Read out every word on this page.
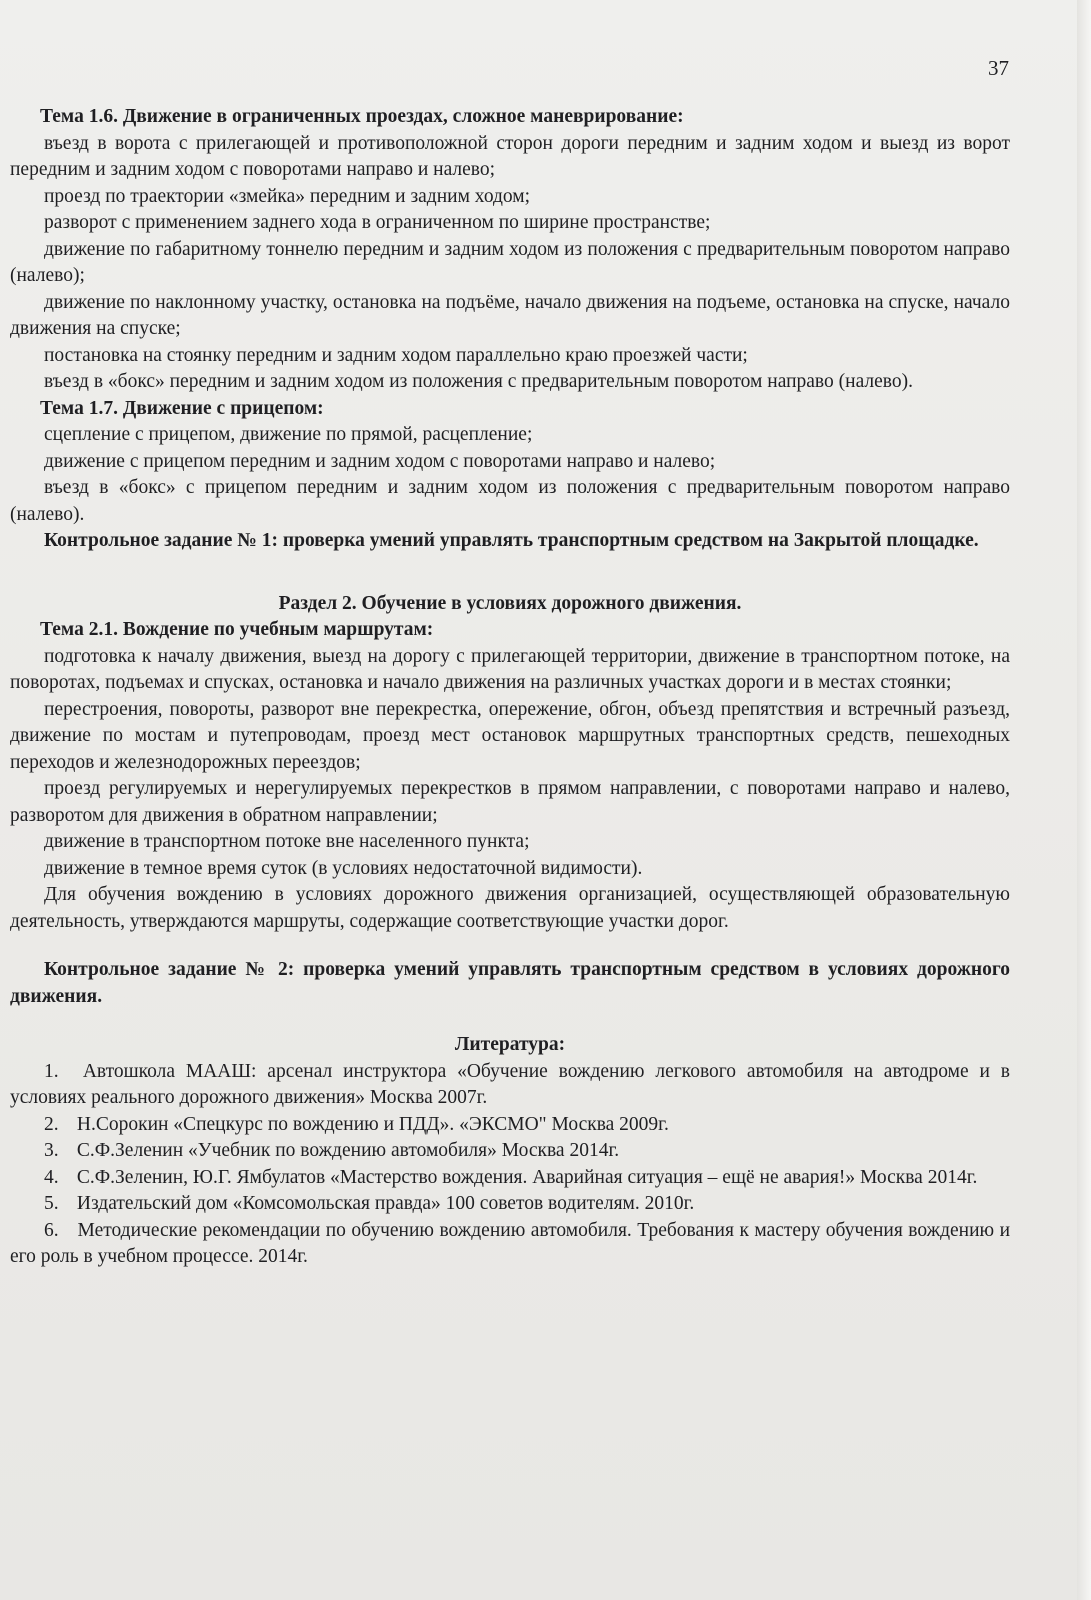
37

Тема 1.6. Движение в ограниченных проездах, сложное маневрирование:

въезд в ворота с прилегающей и противоположной сторон дороги передним и задним ходом и выезд из ворот передним и задним ходом с поворотами направо и налево;

проезд по траектории «змейка» передним и задним ходом;

разворот с применением заднего хода в ограниченном по ширине пространстве;

движение по габаритному тоннелю передним и задним ходом из положения с предварительным поворотом направо (налево);

движение по наклонному участку, остановка на подъёме, начало движения на подъеме, остановка на спуске, начало движения на спуске;

постановка на стоянку передним и задним ходом параллельно краю проезжей части;

въезд в «бокс» передним и задним ходом из положения с предварительным поворотом направо (налево).

Тема 1.7. Движение с прицепом:

сцепление с прицепом, движение по прямой, расцепление;

движение с прицепом передним и задним ходом с поворотами направо и налево;

въезд в «бокс» с прицепом передним и задним ходом из положения с предварительным поворотом направо (налево).

Контрольное задание № 1: проверка умений управлять транспортным средством на Закрытой площадке.

Раздел 2. Обучение в условиях дорожного движения.

Тема 2.1. Вождение по учебным маршрутам:

подготовка к началу движения, выезд на дорогу с прилегающей территории, движение в транспортном потоке, на поворотах, подъемах и спусках, остановка и начало движения на различных участках дороги и в местах стоянки;

перестроения, повороты, разворот вне перекрестка, опережение, обгон, объезд препятствия и встречный разъезд, движение по мостам и путепроводам, проезд мест остановок маршрутных транспортных средств, пешеходных переходов и железнодорожных переездов;

проезд регулируемых и нерегулируемых перекрестков в прямом направлении, с поворотами направо и налево, разворотом для движения в обратном направлении;

движение в транспортном потоке вне населенного пункта;

движение в темное время суток (в условиях недостаточной видимости).

Для обучения вождению в условиях дорожного движения организацией, осуществляющей образовательную деятельность, утверждаются маршруты, содержащие соответствующие участки дорог.

Контрольное задание № 2: проверка умений управлять транспортным средством в условиях дорожного движения.

Литература:

1. Автошкола МААШ: арсенал инструктора «Обучение вождению легкового автомобиля на автодроме и в условиях реального дорожного движения» Москва 2007г.

2. Н.Сорокин «Спецкурс по вождению и ПДД». «ЭКСМО" Москва 2009г.

3. С.Ф.Зеленин «Учебник по вождению автомобиля» Москва 2014г.

4. С.Ф.Зеленин, Ю.Г. Ямбулатов «Мастерство вождения. Аварийная ситуация – ещё не авария!» Москва 2014г.

5. Издательский дом «Комсомольская правда» 100 советов водителям. 2010г.

6. Методические рекомендации по обучению вождению автомобиля. Требования к мастеру обучения вождению и его роль в учебном процессе. 2014г.
